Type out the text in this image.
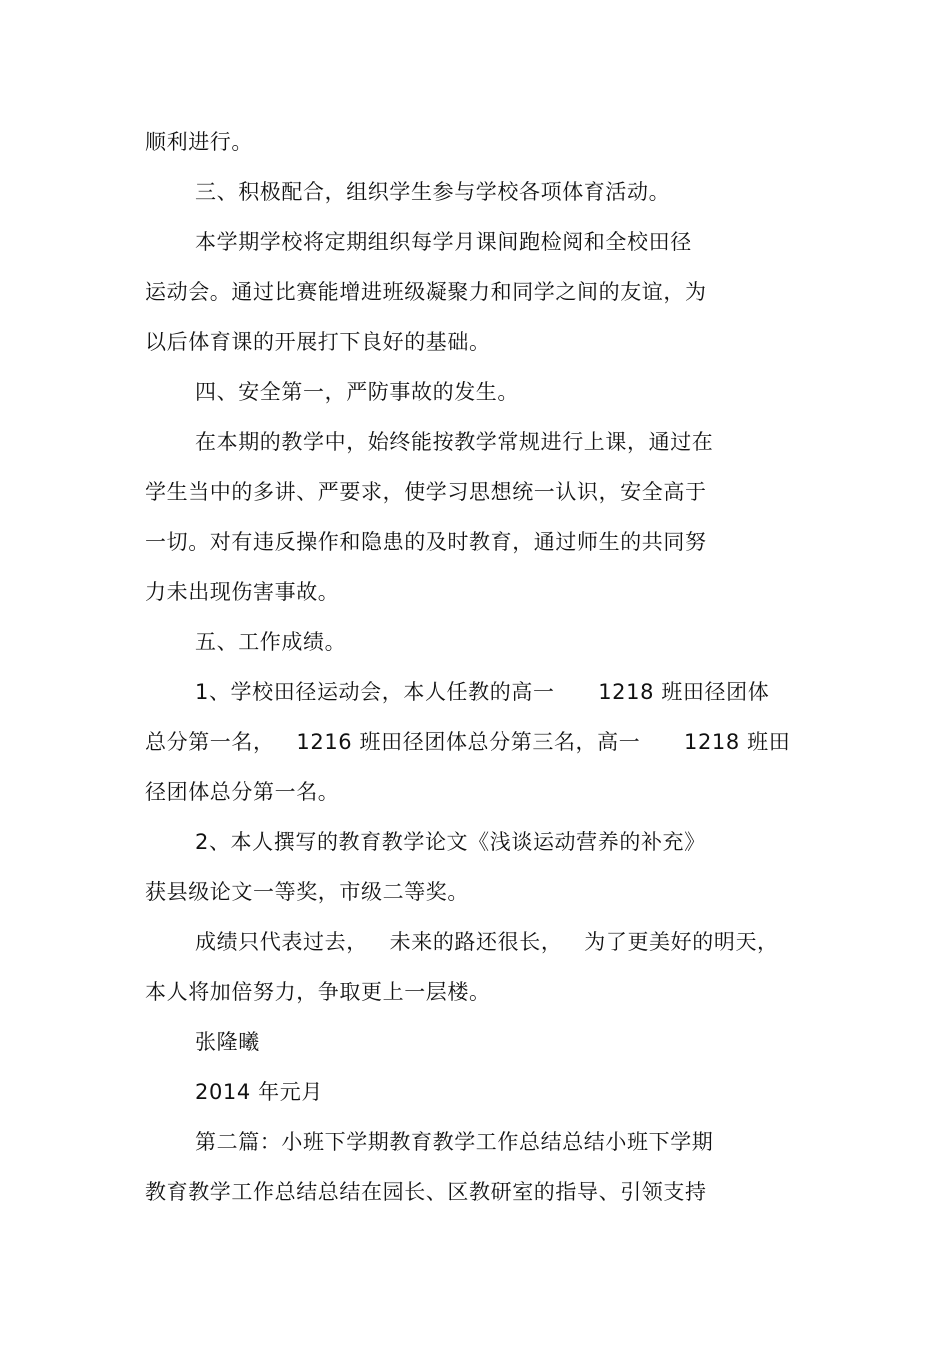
顺利进行。
三、积极配合，组织学生参与学校各项体育活动。
本学期学校将定期组织每学月课间跑检阅和全校田径
运动会。通过比赛能增进班级凝聚力和同学之间的友谊，为
以后体育课的开展打下良好的基础。
四、安全第一，严防事故的发生。
在本期的教学中，始终能按教学常规进行上课，通过在
学生当中的多讲、严要求，使学习思想统一认识，安全高于
一切。对有违反操作和隐患的及时教育，通过师生的共同努
力未出现伤害事故。
五、工作成绩。
1、学校田径运动会，本人任教的高一      1218 班田径团体
总分第一名，   1216 班田径团体总分第三名，高一      1218 班田
径团体总分第一名。
2、本人撰写的教育教学论文《浅谈运动营养的补充》
获县级论文一等奖，市级二等奖。
成绩只代表过去，   未来的路还很长，   为了更美好的明天，
本人将加倍努力，争取更上一层楼。
张隆曦
2014 年元月
第二篇：小班下学期教育教学工作总结总结小班下学期
教育教学工作总结总结在园长、区教研室的指导、引领支持
